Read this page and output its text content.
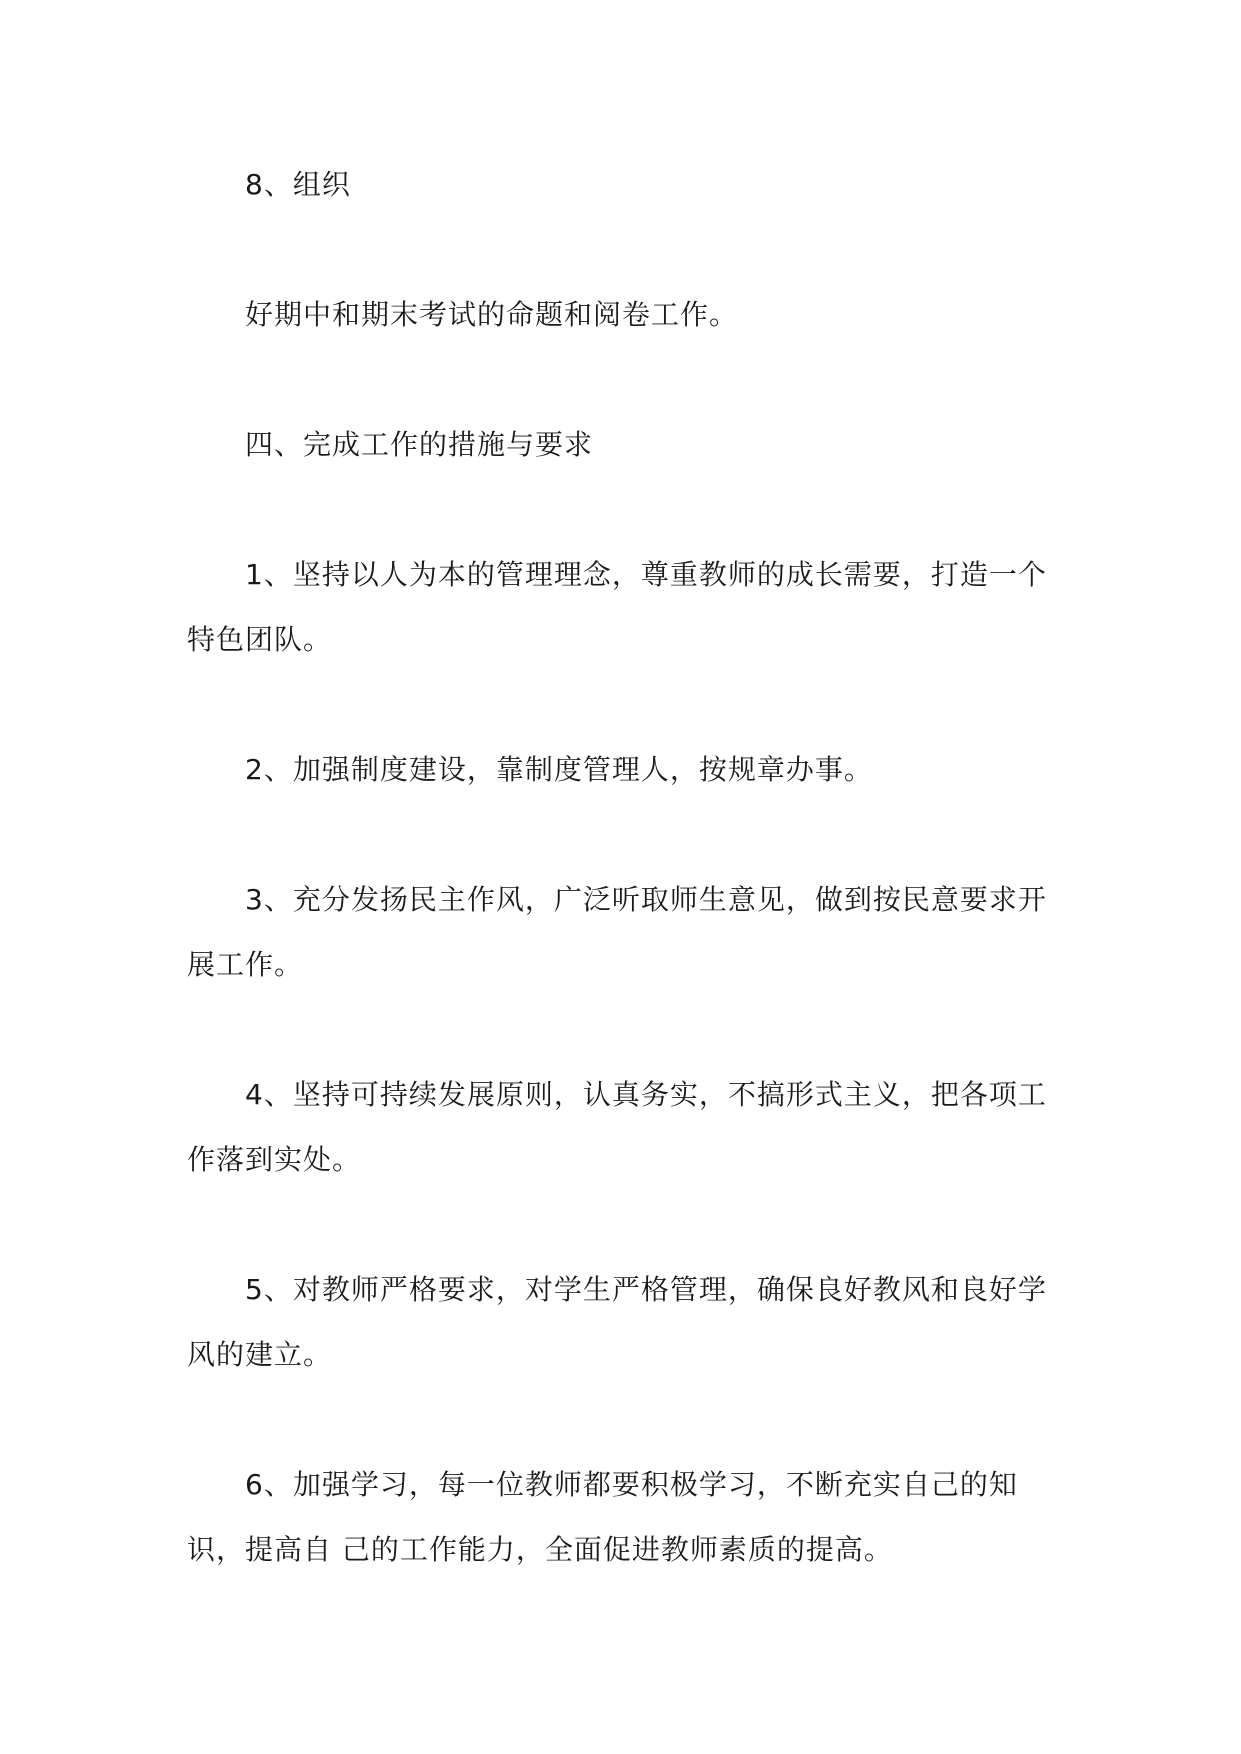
8、组织

好期中和期末考试的命题和阅卷工作。

四、完成工作的措施与要求

1、坚持以人为本的管理理念，尊重教师的成长需要，打造一个特色团队。

2、加强制度建设，靠制度管理人，按规章办事。

3、充分发扬民主作风，广泛听取师生意见，做到按民意要求开展工作。

4、坚持可持续发展原则，认真务实，不搞形式主义，把各项工作落到实处。

5、对教师严格要求，对学生严格管理，确保良好教风和良好学风的建立。

6、加强学习，每一位教师都要积极学习，不断充实自己的知识，提高自 己的工作能力，全面促进教师素质的提高。
